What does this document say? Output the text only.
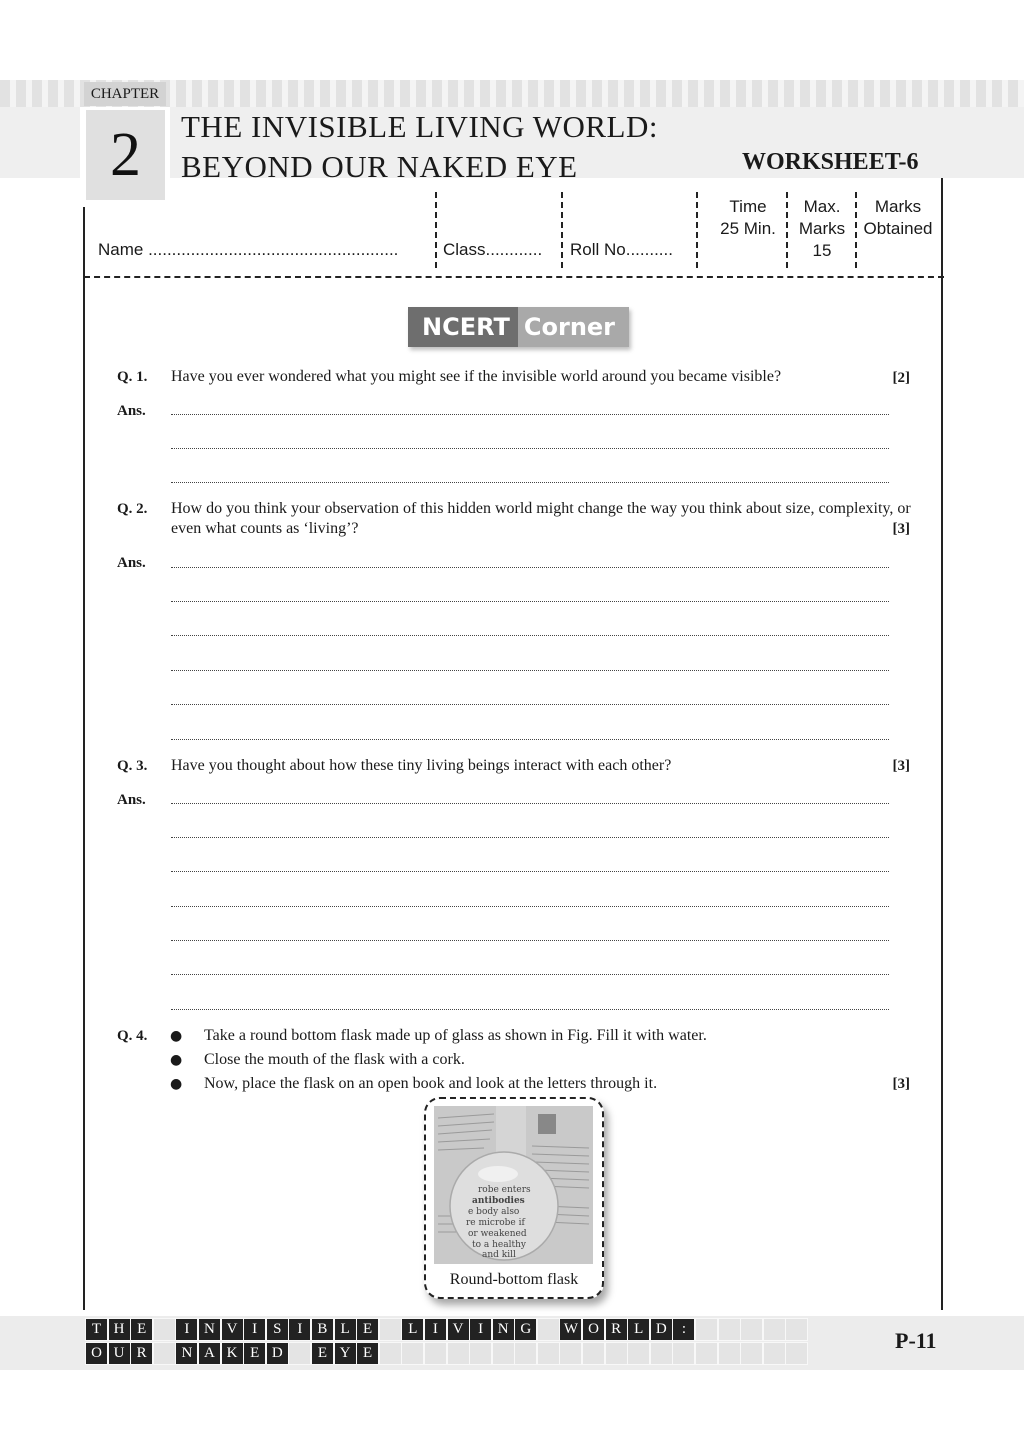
CHAPTER
2	THE INVISIBLE LIVING WORLD:
BEYOND OUR NAKED EYE	WORKSHEET-6
Name .....................................................	Class............ Roll No..........
Time
25 Min.
Max.
Marks
15
Marks
Obtained
NCERT Corner
Q. 1. Have you ever wondered what you might see if the invisible world around you became visible?	[2]
Ans.
Q. 2. How do you think your observation of this hidden world might change the way you think about size, complexity, or even what counts as ‘living’?	[3]
Ans.
Q. 3. Have you thought about how these tiny living beings interact with each other?	[3]
Ans.
Q. 4. ● Take a round bottom flask made up of glass as shown in Fig. Fill it with water.
● Close the mouth of the flask with a cork.
● Now, place the flask on an open book and look at the letters through it.	[3]
robe enters
antibodies
e body also
re microbe if
or weakened
to a healthy
and kill
Round-bottom flask
T H E	I N V I	S	I	B L E	L	I V I N G	W O R L D	:
O U R	N A K E D	E Y E	P-11
